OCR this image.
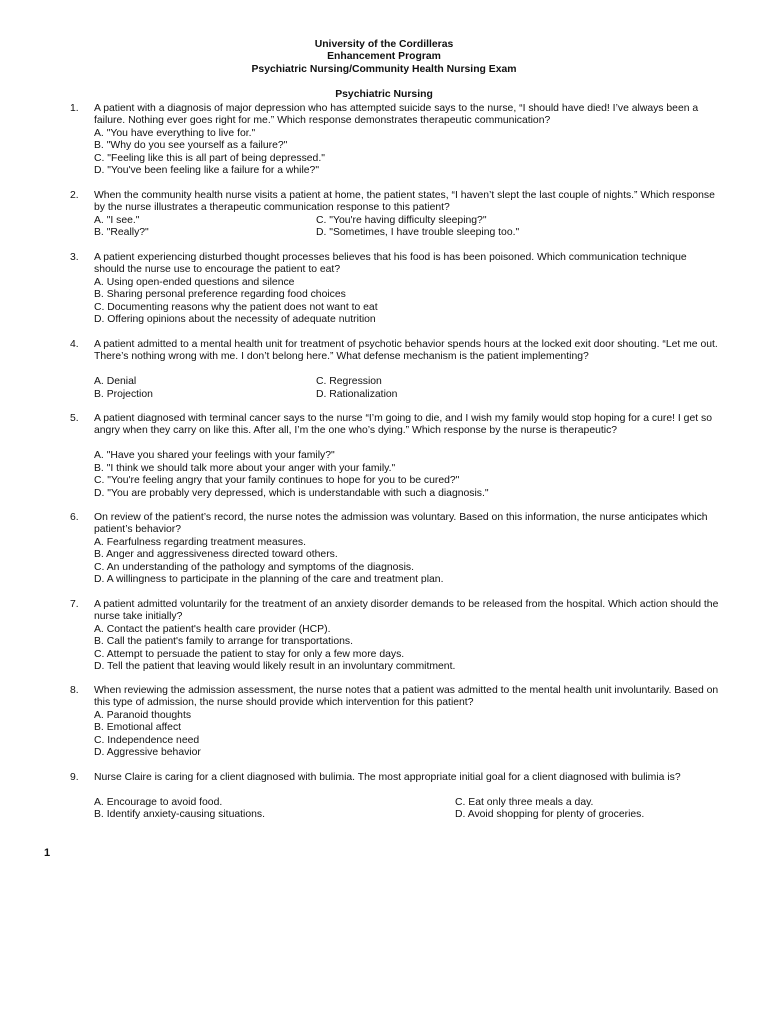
University of the Cordilleras
Enhancement Program
Psychiatric Nursing/Community Health Nursing Exam
Psychiatric Nursing
1. A patient with a diagnosis of major depression who has attempted suicide says to the nurse, “I should have died! I’ve always been a failure. Nothing ever goes right for me.” Which response demonstrates therapeutic communication?
A. "You have everything to live for."
B. "Why do you see yourself as a failure?"
C. "Feeling like this is all part of being depressed."
D. "You've been feeling like a failure for a while?"
2. When the community health nurse visits a patient at home, the patient states, “I haven’t slept the last couple of nights.” Which response by the nurse illustrates a therapeutic communication response to this patient?
A. "I see."	C. "You're having difficulty sleeping?"
B. "Really?"	D. "Sometimes, I have trouble sleeping too."
3. A patient experiencing disturbed thought processes believes that his food is has been poisoned. Which communication technique should the nurse use to encourage the patient to eat?
A. Using open-ended questions and silence
B. Sharing personal preference regarding food choices
C. Documenting reasons why the patient does not want to eat
D. Offering opinions about the necessity of adequate nutrition
4. A patient admitted to a mental health unit for treatment of psychotic behavior spends hours at the locked exit door shouting. “Let me out. There’s nothing wrong with me. I don’t belong here.” What defense mechanism is the patient implementing?
A. Denial	C. Regression
B. Projection	D. Rationalization
5. A patient diagnosed with terminal cancer says to the nurse “I’m going to die, and I wish my family would stop hoping for a cure! I get so angry when they carry on like this. After all, I’m the one who’s dying.” Which response by the nurse is therapeutic?
A. "Have you shared your feelings with your family?"
B. "I think we should talk more about your anger with your family."
C. "You're feeling angry that your family continues to hope for you to be cured?"
D. "You are probably very depressed, which is understandable with such a diagnosis."
6. On review of the patient’s record, the nurse notes the admission was voluntary. Based on this information, the nurse anticipates which patient’s behavior?
A. Fearfulness regarding treatment measures.
B. Anger and aggressiveness directed toward others.
C. An understanding of the pathology and symptoms of the diagnosis.
D. A willingness to participate in the planning of the care and treatment plan.
7. A patient admitted voluntarily for the treatment of an anxiety disorder demands to be released from the hospital. Which action should the nurse take initially?
A. Contact the patient's health care provider (HCP).
B. Call the patient's family to arrange for transportations.
C. Attempt to persuade the patient to stay for only a few more days.
D. Tell the patient that leaving would likely result in an involuntary commitment.
8. When reviewing the admission assessment, the nurse notes that a patient was admitted to the mental health unit involuntarily. Based on this type of admission, the nurse should provide which intervention for this patient?
A. Paranoid thoughts
B. Emotional affect
C. Independence need
D. Aggressive behavior
9. Nurse Claire is caring for a client diagnosed with bulimia. The most appropriate initial goal for a client diagnosed with bulimia is?
A. Encourage to avoid food.	C. Eat only three meals a day.
B. Identify anxiety-causing situations.	D. Avoid shopping for plenty of groceries.
1
